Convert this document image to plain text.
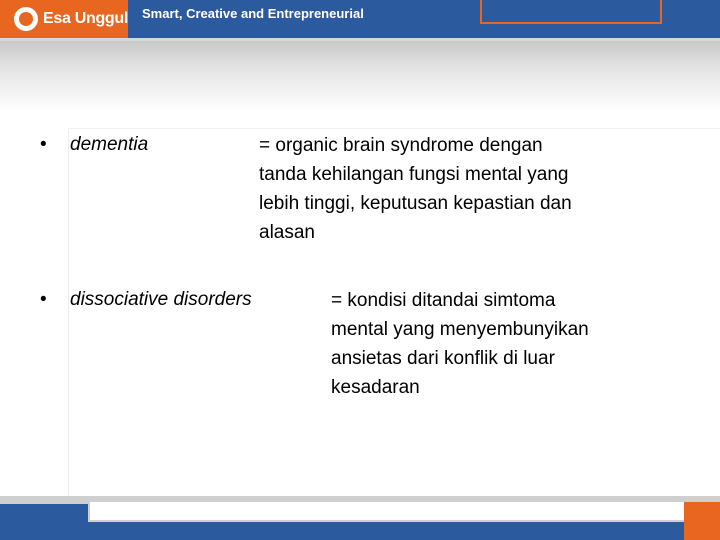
Esa Unggul Smart, Creative and Entrepreneurial
• dementia	= organic brain syndrome dengan
tanda kehilangan fungsi mental yang
lebih tinggi, keputusan kepastian dan
alasan
• dissociative disorders	= kondisi ditandai simtoma
mental yang menyembunyikan
ansietas dari konflik di luar
kesadaran
